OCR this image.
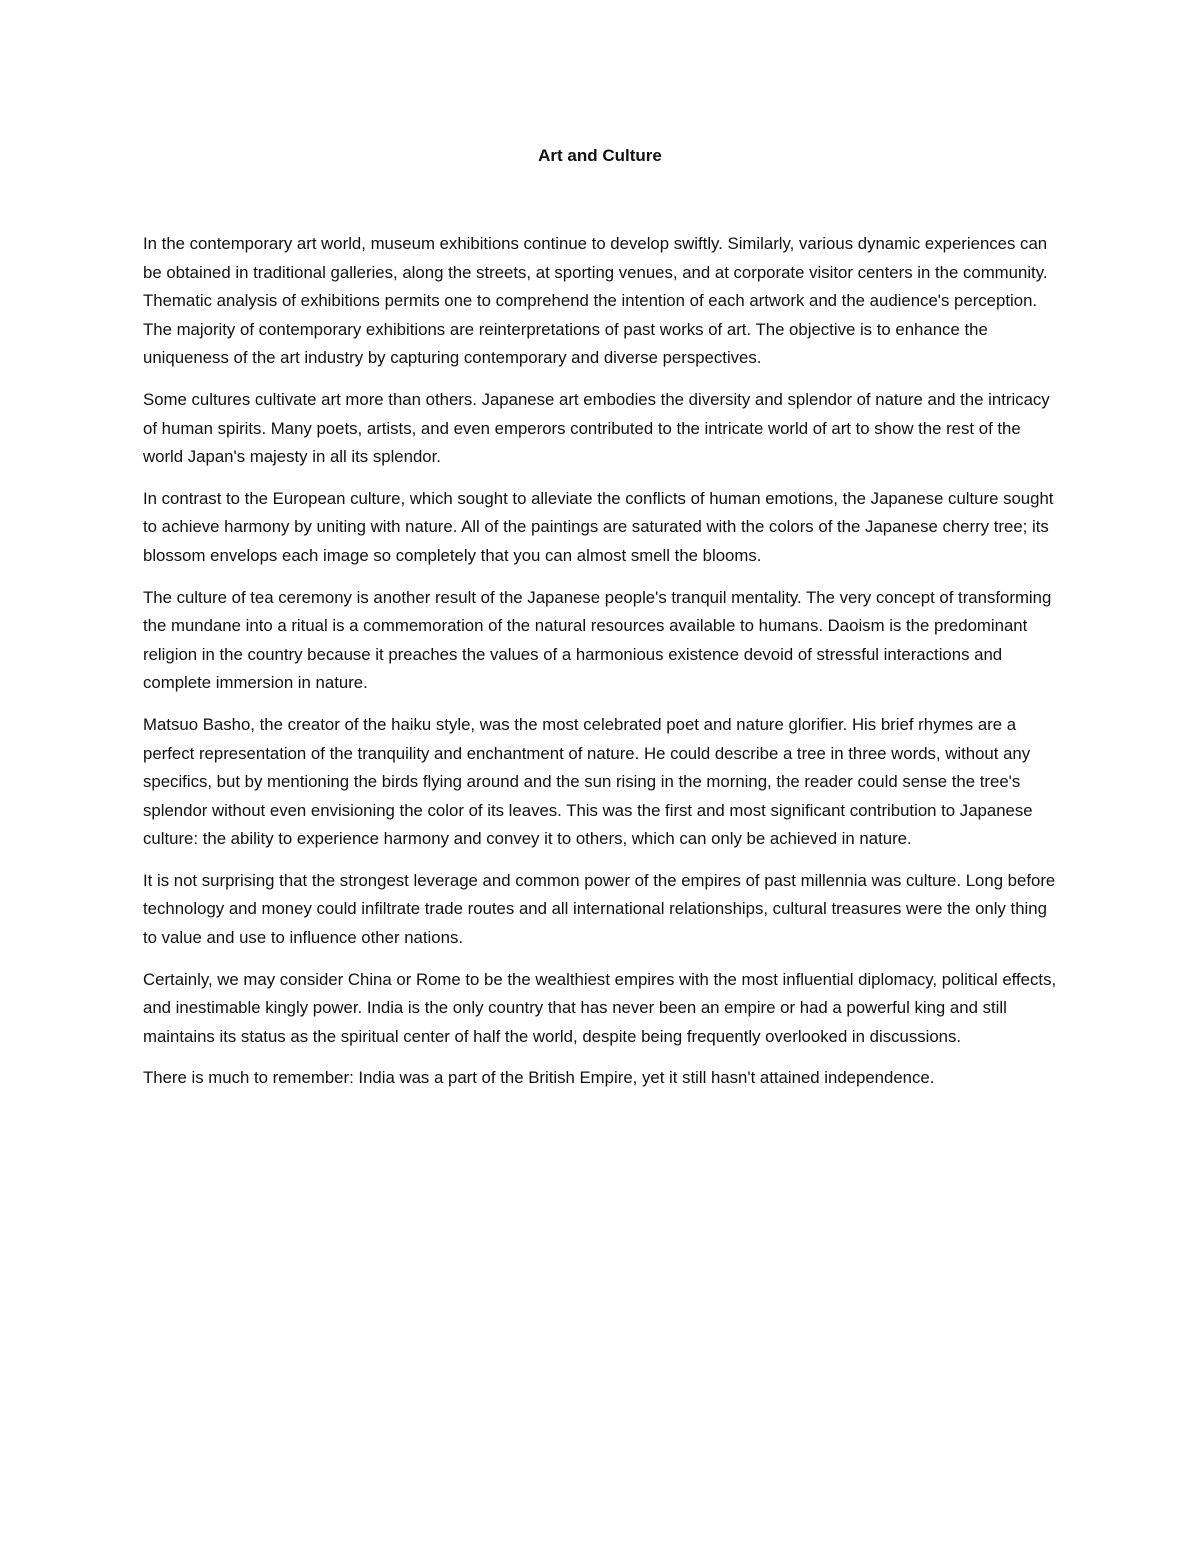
Art and Culture

In the contemporary art world, museum exhibitions continue to develop swiftly. Similarly, various dynamic experiences can be obtained in traditional galleries, along the streets, at sporting venues, and at corporate visitor centers in the community. Thematic analysis of exhibitions permits one to comprehend the intention of each artwork and the audience's perception. The majority of contemporary exhibitions are reinterpretations of past works of art. The objective is to enhance the uniqueness of the art industry by capturing contemporary and diverse perspectives.

Some cultures cultivate art more than others. Japanese art embodies the diversity and splendor of nature and the intricacy of human spirits. Many poets, artists, and even emperors contributed to the intricate world of art to show the rest of the world Japan's majesty in all its splendor.

In contrast to the European culture, which sought to alleviate the conflicts of human emotions, the Japanese culture sought to achieve harmony by uniting with nature. All of the paintings are saturated with the colors of the Japanese cherry tree; its blossom envelops each image so completely that you can almost smell the blooms.

The culture of tea ceremony is another result of the Japanese people's tranquil mentality. The very concept of transforming the mundane into a ritual is a commemoration of the natural resources available to humans. Daoism is the predominant religion in the country because it preaches the values of a harmonious existence devoid of stressful interactions and complete immersion in nature.

Matsuo Basho, the creator of the haiku style, was the most celebrated poet and nature glorifier. His brief rhymes are a perfect representation of the tranquility and enchantment of nature. He could describe a tree in three words, without any specifics, but by mentioning the birds flying around and the sun rising in the morning, the reader could sense the tree's splendor without even envisioning the color of its leaves. This was the first and most significant contribution to Japanese culture: the ability to experience harmony and convey it to others, which can only be achieved in nature.

It is not surprising that the strongest leverage and common power of the empires of past millennia was culture. Long before technology and money could infiltrate trade routes and all international relationships, cultural treasures were the only thing to value and use to influence other nations.

Certainly, we may consider China or Rome to be the wealthiest empires with the most influential diplomacy, political effects, and inestimable kingly power. India is the only country that has never been an empire or had a powerful king and still maintains its status as the spiritual center of half the world, despite being frequently overlooked in discussions.

There is much to remember: India was a part of the British Empire, yet it still hasn't attained independence.
